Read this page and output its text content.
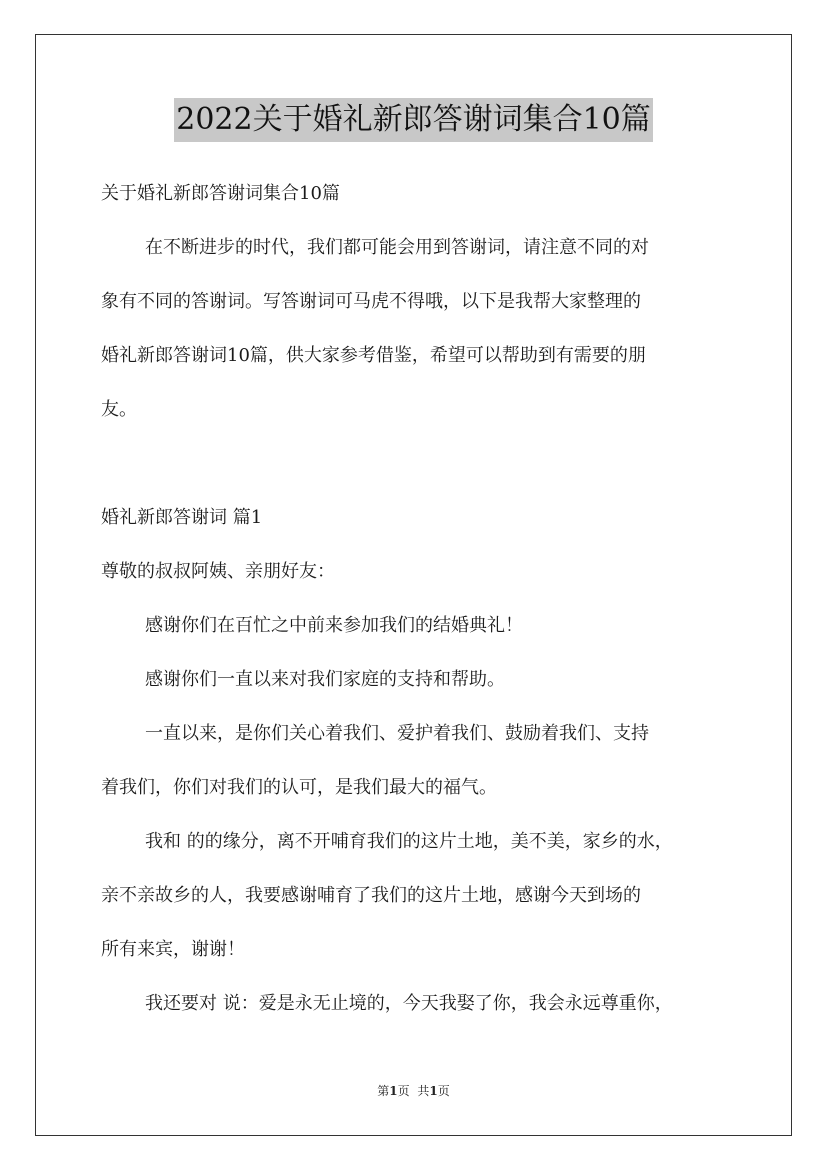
2022关于婚礼新郎答谢词集合10篇
关于婚礼新郎答谢词集合10篇
在不断进步的时代，我们都可能会用到答谢词，请注意不同的对
象有不同的答谢词。写答谢词可马虎不得哦，以下是我帮大家整理的
婚礼新郎答谢词10篇，供大家参考借鉴，希望可以帮助到有需要的朋
友。
婚礼新郎答谢词 篇1
尊敬的叔叔阿姨、亲朋好友：
感谢你们在百忙之中前来参加我们的结婚典礼！
感谢你们一直以来对我们家庭的支持和帮助。
一直以来，是你们关心着我们、爱护着我们、鼓励着我们、支持
着我们，你们对我们的认可，是我们最大的福气。
我和 的的缘分，离不开哺育我们的这片土地，美不美，家乡的水，
亲不亲故乡的人，我要感谢哺育了我们的这片土地，感谢今天到场的
所有来宾，谢谢！
我还要对 说：爱是永无止境的，今天我娶了你，我会永远尊重你，
第1页 共1页
